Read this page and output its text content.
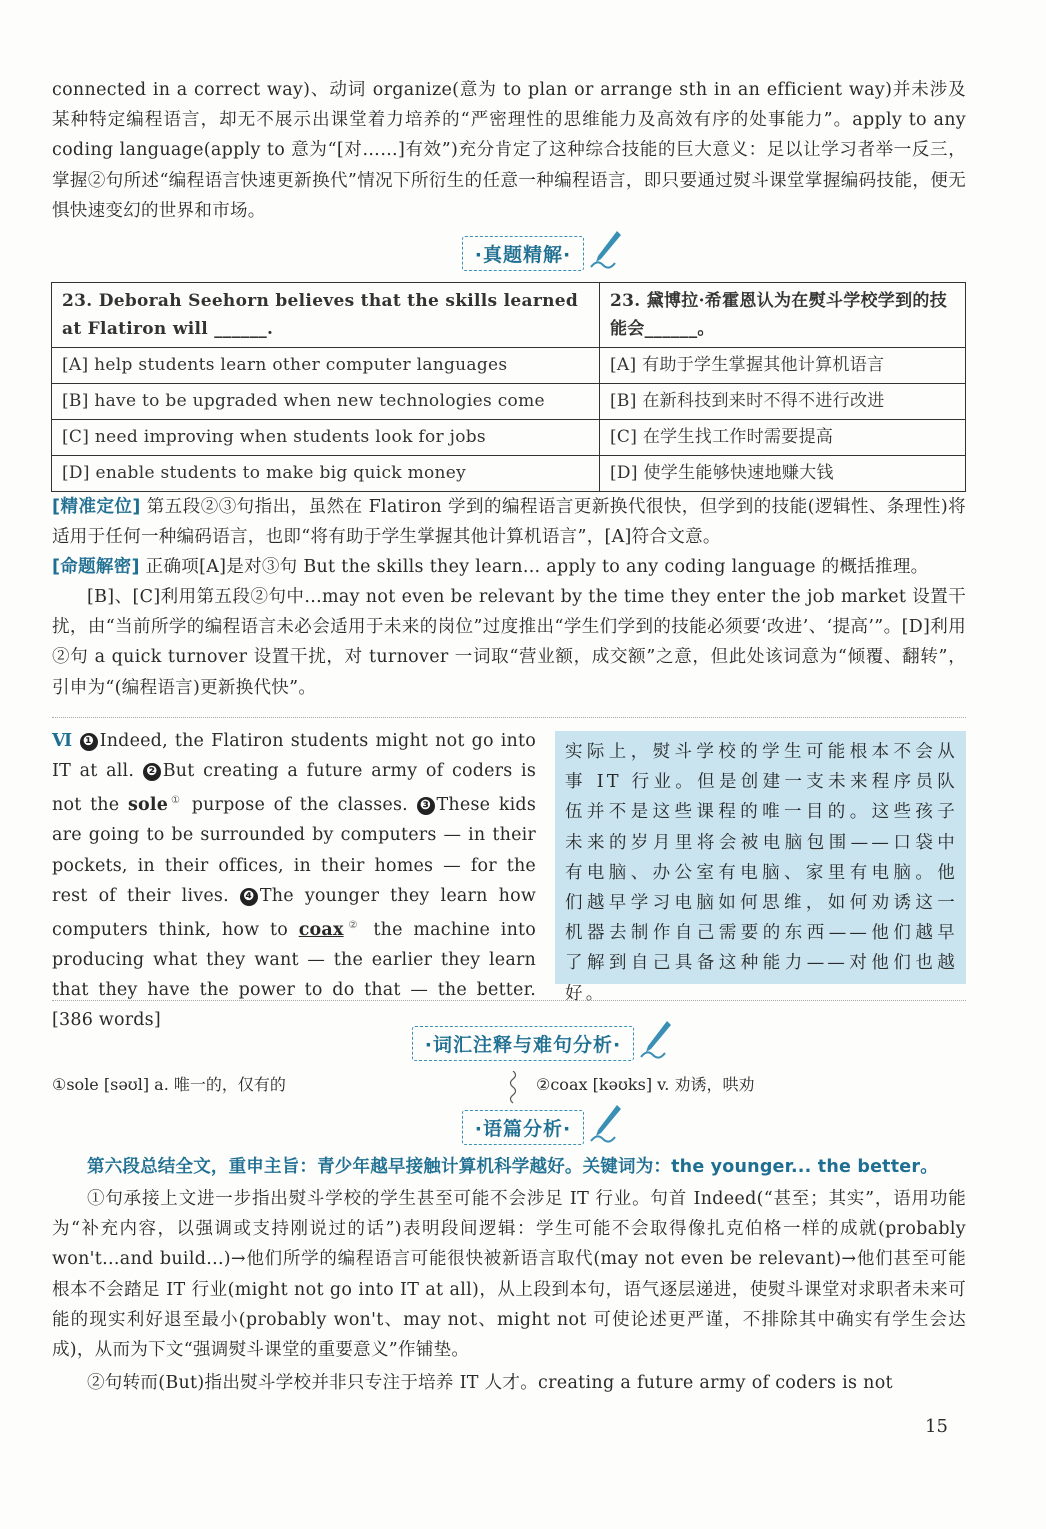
connected in a correct way)、动词 organize(意为 to plan or arrange sth in an efficient way)并未涉及某种特定编程语言，却无不展示出课堂着力培养的“严密理性的思维能力及高效有序的处事能力”。apply to any coding language(apply to 意为“[对……]有效”)充分肯定了这种综合技能的巨大意义：足以让学习者举一反三，掌握②句所述“编程语言快速更新换代”情况下所衍生的任意一种编程语言，即只要通过熨斗课堂掌握编码技能，便无惧快速变幻的世界和市场。
·真题精解·
23. Deborah Seehorn believes that the skills learned at Flatiron will ______.	23. 黛博拉·希霍恩认为在熨斗学校学到的技能会______。
[A] help students learn other computer languages	[A] 有助于学生掌握其他计算机语言
[B] have to be upgraded when new technologies come	[B] 在新科技到来时不得不进行改进
[C] need improving when students look for jobs	[C] 在学生找工作时需要提高
[D] enable students to make big quick money	[D] 使学生能够快速地赚大钱
[精准定位] 第五段②③句指出，虽然在 Flatiron 学到的编程语言更新换代很快，但学到的技能(逻辑性、条理性)将适用于任何一种编码语言，也即“将有助于学生掌握其他计算机语言”，[A]符合文意。
[命题解密] 正确项[A]是对③句 But the skills they learn... apply to any coding language 的概括推理。
[B]、[C]利用第五段②句中...may not even be relevant by the time they enter the job market 设置干扰，由“当前所学的编程语言未必会适用于未来的岗位”过度推出“学生们学到的技能必须要‘改进’、‘提高’”。[D]利用②句 a quick turnover 设置干扰，对 turnover 一词取“营业额，成交额”之意，但此处该词意为“倾覆、翻转”，引申为“(编程语言)更新换代快”。
Ⅵ ❶ Indeed, the Flatiron students might not go into IT at all. ❷ But creating a future army of coders is not the sole① purpose of the classes. ❸ These kids are going to be surrounded by computers — in their pockets, in their offices, in their homes — for the rest of their lives. ❹ The younger they learn how computers think, how to coax② the machine into producing what they want — the earlier they learn that they have the power to do that — the better. [386 words]
实际上，熨斗学校的学生可能根本不会从事 IT 行业。但是创建一支未来程序员队伍并不是这些课程的唯一目的。这些孩子未来的岁月里将会被电脑包围——口袋中有电脑、办公室有电脑、家里有电脑。他们越早学习电脑如何思维，如何劝诱这一机器去制作自己需要的东西——他们越早了解到自己具备这种能力——对他们也越好。
·词汇注释与难句分析·
①sole [səʊl] a. 唯一的，仅有的	②coax [kəʊks] v. 劝诱，哄劝
·语篇分析·
第六段总结全文，重申主旨：青少年越早接触计算机科学越好。关键词为：the younger... the better。
①句承接上文进一步指出熨斗学校的学生甚至可能不会涉足 IT 行业。句首 Indeed(“甚至；其实”，语用功能为“补充内容，以强调或支持刚说过的话”)表明段间逻辑：学生可能不会取得像扎克伯格一样的成就(probably won't...and build...)→他们所学的编程语言可能很快被新语言取代(may not even be relevant)→他们甚至可能根本不会踏足 IT 行业(might not go into IT at all)，从上段到本句，语气逐层递进，使熨斗课堂对求职者未来可能的现实利好退至最小(probably won't、may not、might not 可使论述更严谨，不排除其中确实有学生会达成)，从而为下文“强调熨斗课堂的重要意义”作铺垫。
②句转而(But)指出熨斗学校并非只专注于培养 IT 人才。creating a future army of coders is not
15
